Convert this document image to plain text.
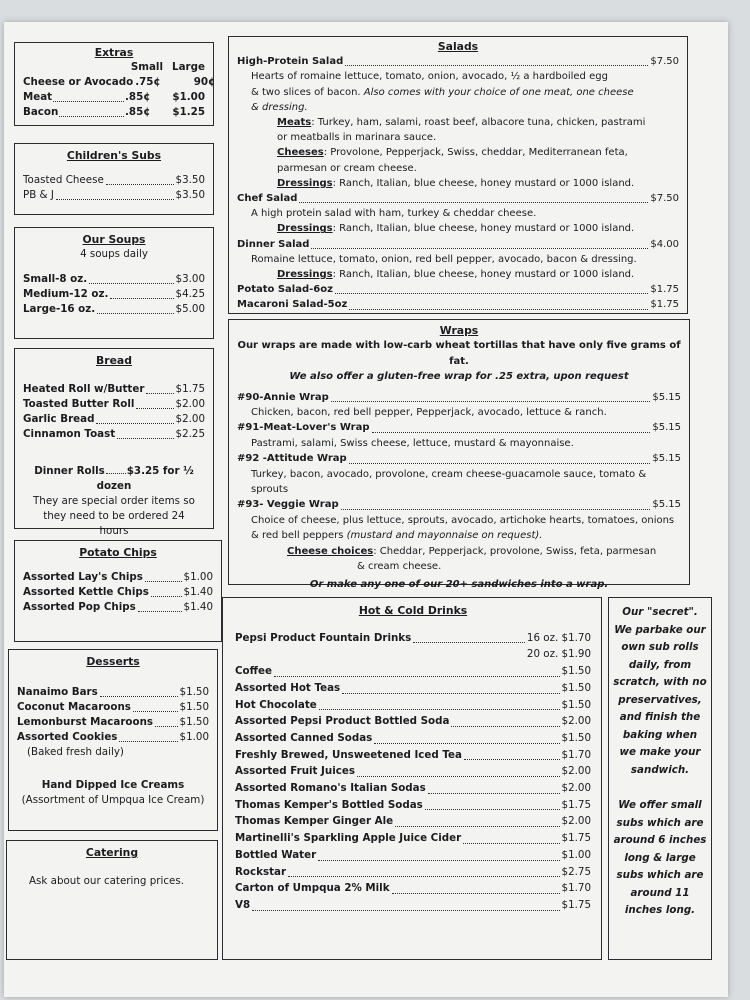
Extras
Small Large
Cheese or Avocado .75¢	90¢
Meat	.85¢	$1.00
Bacon	.85¢	$1.25
Children's Subs
Toasted Cheese	$3.50
PB & J	$3.50
Our Soups
4 soups daily
Small-8 oz.	$3.00
Medium-12 oz.	$4.25
Large-16 oz.	$5.00
Bread
Heated Roll w/Butter	$1.75
Toasted Butter Roll	$2.00
Garlic Bread	$2.00
Cinnamon Toast	$2.25
Dinner Rolls $3.25 for ½ dozen
They are special order items so they need to be ordered 24 hours
Potato Chips
Assorted Lay's Chips	$1.00
Assorted Kettle Chips	$1.40
Assorted Pop Chips	$1.40
Desserts
Nanaimo Bars	$1.50
Coconut Macaroons	$1.50
Lemonburst Macaroons	$1.50
Assorted Cookies	$1.00
(Baked fresh daily)
Hand Dipped Ice Creams
(Assortment of Umpqua Ice Cream)
Catering
Ask about our catering prices.
Salads
High-Protein Salad	$7.50
Hearts of romaine lettuce, tomato, onion, avocado, ½ a hardboiled egg
& two slices of bacon. Also comes with your choice of one meat, one cheese
& dressing.
Meats: Turkey, ham, salami, roast beef, albacore tuna, chicken, pastrami
or meatballs in marinara sauce.
Cheeses: Provolone, Pepperjack, Swiss, cheddar, Mediterranean feta,
parmesan or cream cheese.
Dressings: Ranch, Italian, blue cheese, honey mustard or 1000 island.
Chef Salad	$7.50
A high protein salad with ham, turkey & cheddar cheese.
Dressings: Ranch, Italian, blue cheese, honey mustard or 1000 island.
Dinner Salad	$4.00
Romaine lettuce, tomato, onion, red bell pepper, avocado, bacon & dressing.
Dressings: Ranch, Italian, blue cheese, honey mustard or 1000 island.
Potato Salad-6oz	$1.75
Macaroni Salad-5oz	$1.75
Wraps
Our wraps are made with low-carb wheat tortillas that have only five grams of fat.
We also offer a gluten-free wrap for .25 extra, upon request
#90-Annie Wrap	$5.15
Chicken, bacon, red bell pepper, Pepperjack, avocado, lettuce & ranch.
#91-Meat-Lover's Wrap	$5.15
Pastrami, salami, Swiss cheese, lettuce, mustard & mayonnaise.
#92 -Attitude Wrap	$5.15
Turkey, bacon, avocado, provolone, cream cheese-guacamole sauce, tomato & sprouts
#93- Veggie Wrap	$5.15
Choice of cheese, plus lettuce, sprouts, avocado, artichoke hearts, tomatoes, onions & red bell peppers (mustard and mayonnaise on request).
Cheese choices: Cheddar, Pepperjack, provolone, Swiss, feta, parmesan
& cream cheese.
Or make any one of our 20+ sandwiches into a wrap.
Hot & Cold Drinks
Pepsi Product Fountain Drinks	16 oz. $1.70
20 oz. $1.90
Coffee	$1.50
Assorted Hot Teas	$1.50
Hot Chocolate	$1.50
Assorted Pepsi Product Bottled Soda	$2.00
Assorted Canned Sodas	$1.50
Freshly Brewed, Unsweetened Iced Tea	$1.70
Assorted Fruit Juices	$2.00
Assorted Romano's Italian Sodas	$2.00
Thomas Kemper's Bottled Sodas	$1.75
Thomas Kemper Ginger Ale	$2.00
Martinelli's Sparkling Apple Juice Cider	$1.75
Bottled Water	$1.00
Rockstar	$2.75
Carton of Umpqua 2% Milk	$1.70
V8	$1.75
Our "secret". We parbake our own sub rolls daily, from scratch, with no preservatives, and finish the baking when we make your sandwich.
We offer small subs which are around 6 inches long & large subs which are around 11 inches long.
